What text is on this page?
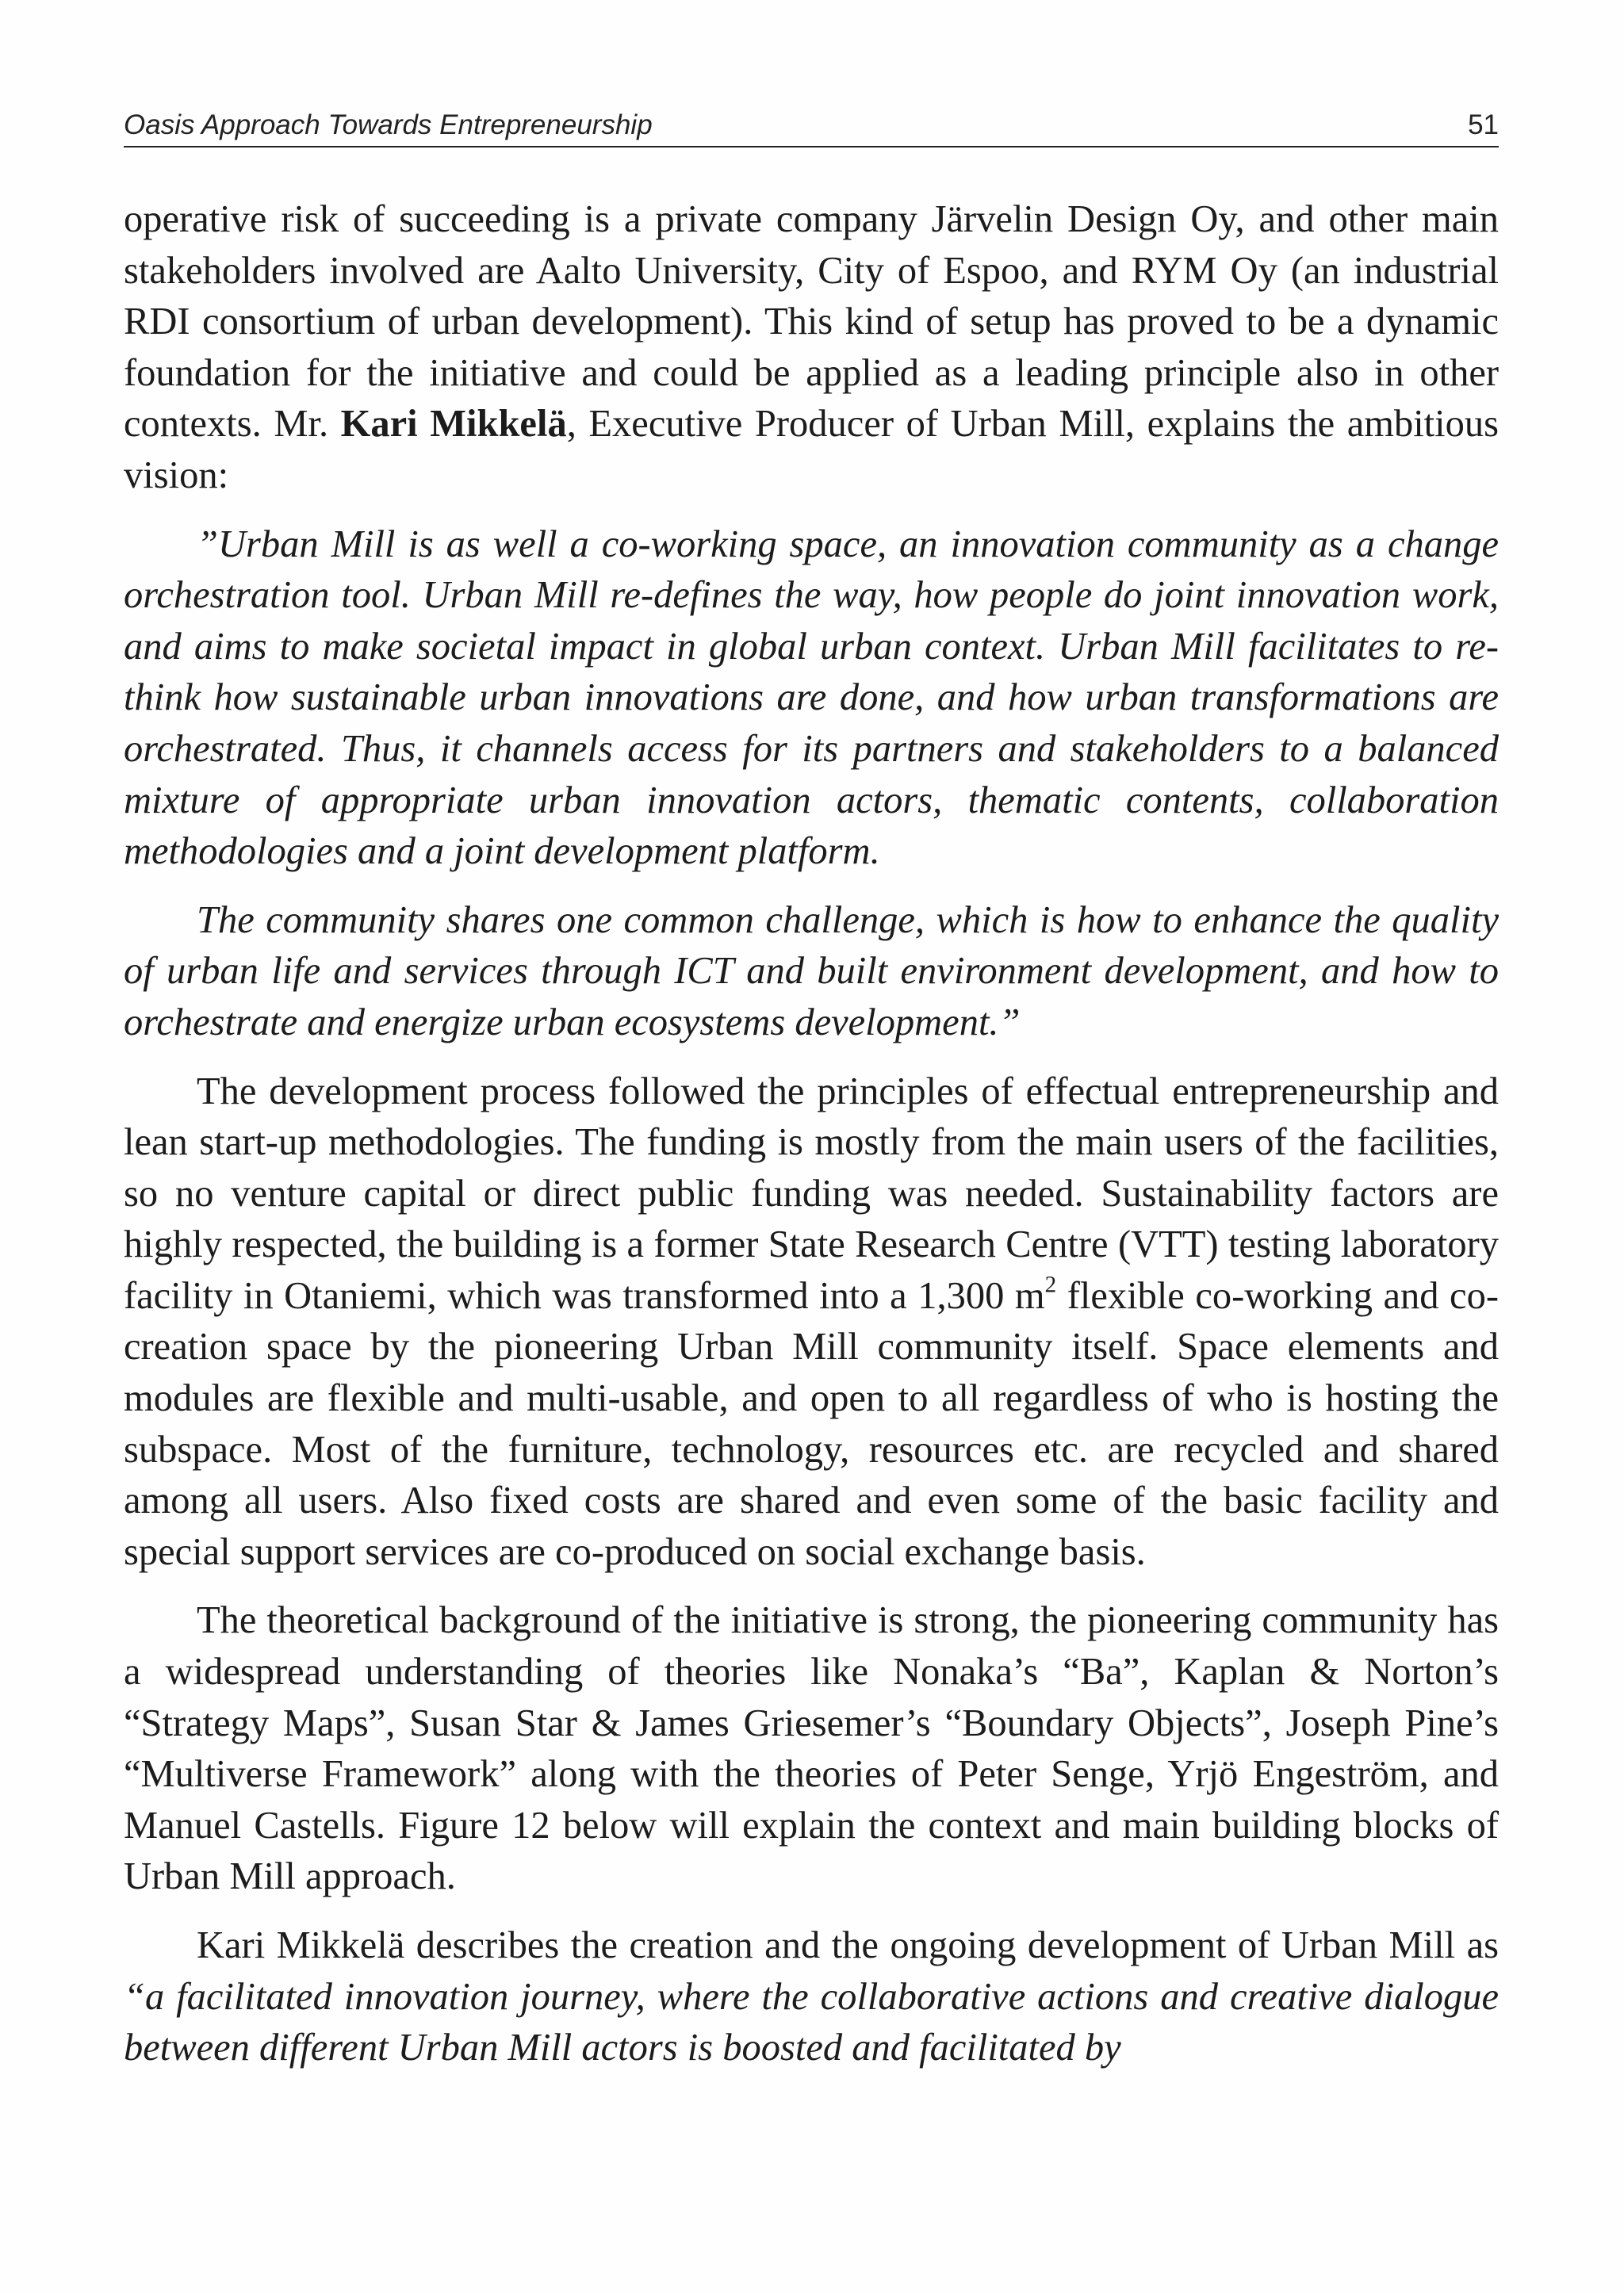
Oasis Approach Towards Entrepreneurship	51

operative risk of succeeding is a private company Järvelin Design Oy, and other main stakeholders involved are Aalto University, City of Espoo, and RYM Oy (an industrial RDI consortium of urban development). This kind of setup has proved to be a dynamic foundation for the initiative and could be applied as a leading principle also in other contexts. Mr. Kari Mikkelä, Executive Producer of Urban Mill, explains the ambitious vision:

”Urban Mill is as well a co-working space, an innovation community as a change orchestration tool. Urban Mill re-defines the way, how people do joint innovation work, and aims to make societal impact in global urban context. Urban Mill facilitates to re-think how sustainable urban innovations are done, and how urban transformations are orchestrated. Thus, it channels access for its partners and stakeholders to a balanced mixture of appropriate urban innovation actors, thematic contents, collaboration methodologies and a joint development platform.

The community shares one common challenge, which is how to enhance the quality of urban life and services through ICT and built environment development, and how to orchestrate and energize urban ecosystems development.”

The development process followed the principles of effectual entrepreneurship and lean start-up methodologies. The funding is mostly from the main users of the facilities, so no venture capital or direct public funding was needed. Sustainability factors are highly respected, the building is a former State Research Centre (VTT) testing laboratory facility in Otaniemi, which was transformed into a 1,300 $m^2$ flexible co-working and co-creation space by the pioneering Urban Mill community itself. Space elements and modules are flexible and multi-usable, and open to all regardless of who is hosting the subspace. Most of the furniture, technology, resources etc. are recycled and shared among all users. Also fixed costs are shared and even some of the basic facility and special support services are co-produced on social exchange basis.

The theoretical background of the initiative is strong, the pioneering community has a widespread understanding of theories like Nonaka’s “Ba”, Kaplan & Norton’s “Strategy Maps”, Susan Star & James Griesemer’s “Boundary Objects”, Joseph Pine’s “Multiverse Framework” along with the theories of Peter Senge, Yrjö Engeström, and Manuel Castells. Figure 12 below will explain the context and main building blocks of Urban Mill approach.

Kari Mikkelä describes the creation and the ongoing development of Urban Mill as “a facilitated innovation journey, where the collaborative actions and creative dialogue between different Urban Mill actors is boosted and facilitated by
